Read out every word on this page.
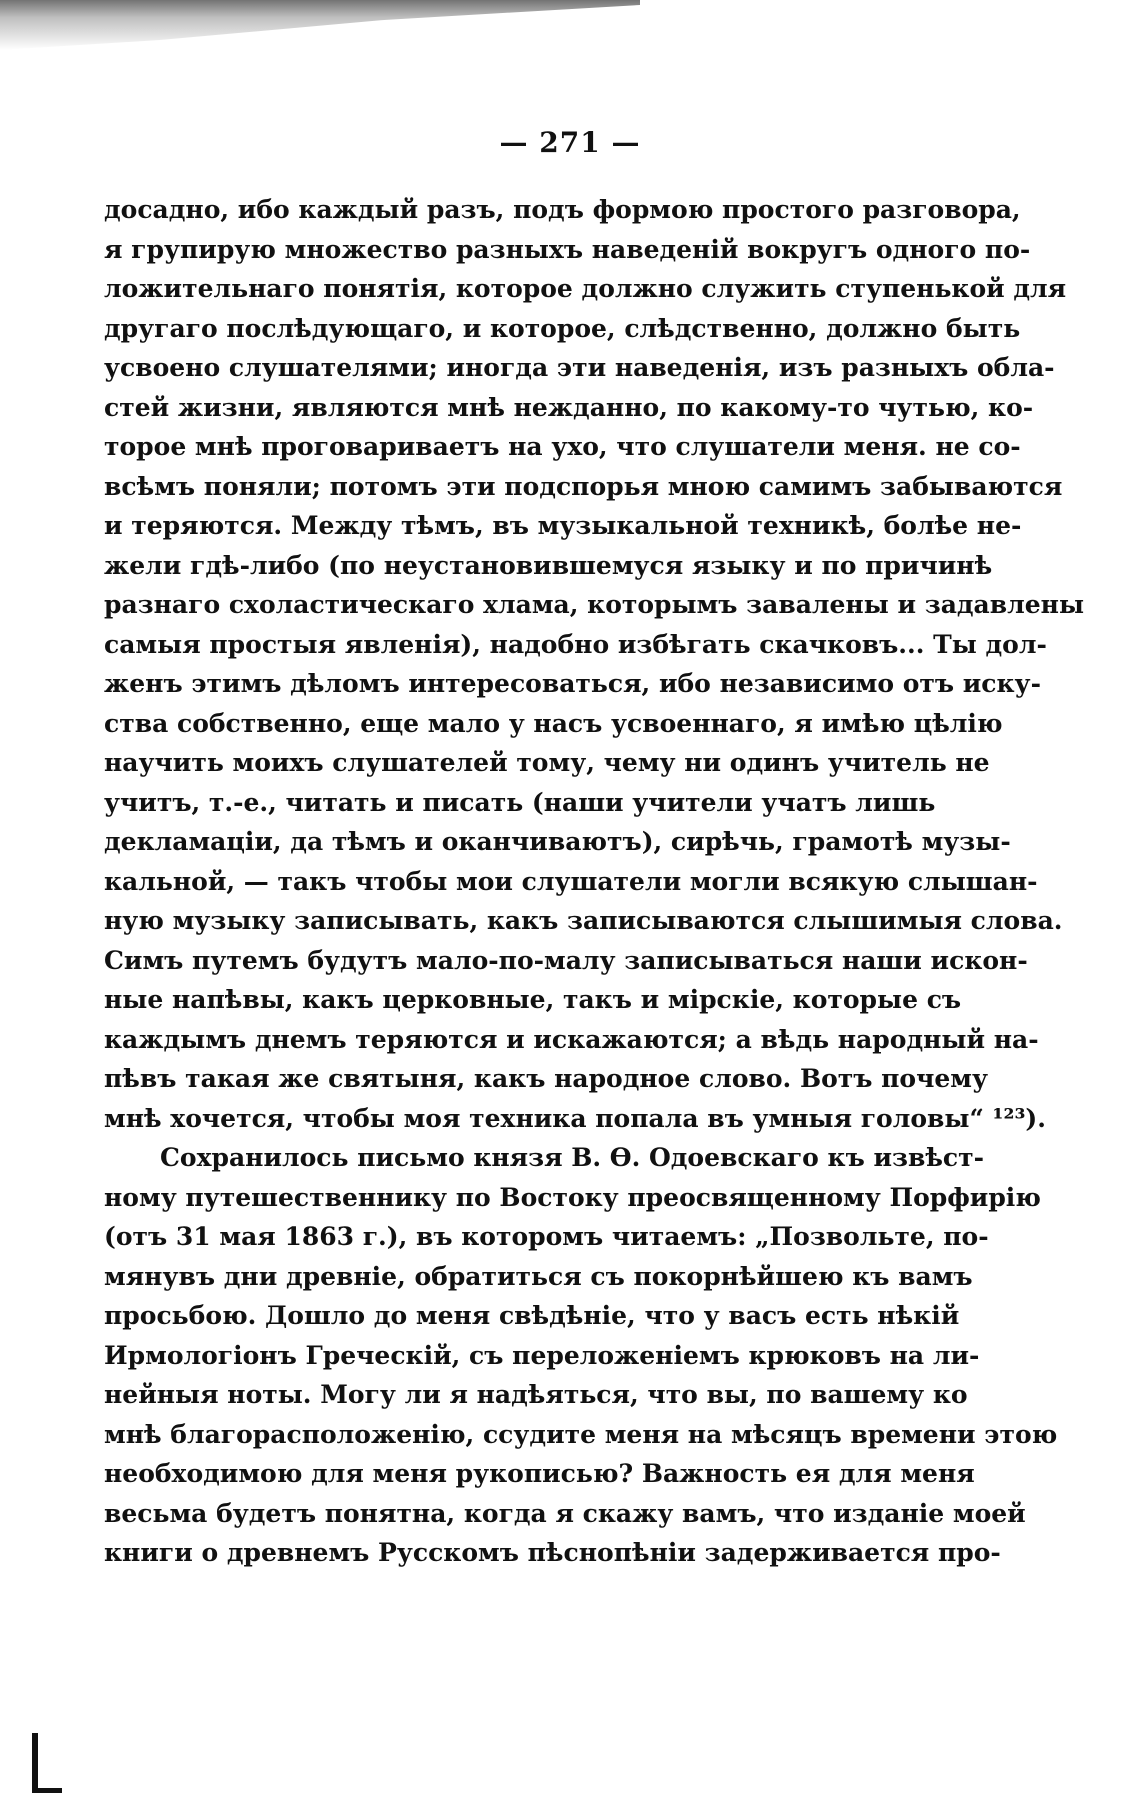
— 271 —
досадно, ибо каждый разъ, подъ формою простого разговора,
я групирую множество разныхъ наведеній вокругъ одного по-
ложительнаго понятія, которое должно служить ступенькой для
другаго послѣдующаго, и которое, слѣдственно, должно быть
усвоено слушателями; иногда эти наведенія, изъ разныхъ обла-
стей жизни, являются мнѣ нежданно, по какому-то чутью, ко-
торое мнѣ проговариваетъ на ухо, что слушатели меня. не со-
всѣмъ поняли; потомъ эти подспорья мною самимъ забываются
и теряются. Между тѣмъ, въ музыкальной техникѣ, болѣе не-
жели гдѣ-либо (по неустановившемуся языку и по причинѣ
разнаго схоластическаго хлама, которымъ завалены и задавлены
самыя простыя явленія), надобно избѣгать скачковъ... Ты дол-
женъ этимъ дѣломъ интересоваться, ибо независимо отъ иску-
ства собственно, еще мало у насъ усвоеннаго, я имѣю цѣлію
научить моихъ слушателей тому, чему ни одинъ учитель не
учитъ, т.-е., читать и писать (наши учители учатъ лишь
декламаціи, да тѣмъ и оканчиваютъ), сирѣчь, грамотѣ музы-
кальной, — такъ чтобы мои слушатели могли всякую слышан-
ную музыку записывать, какъ записываются слышимыя слова.
Симъ путемъ будутъ мало-по-малу записываться наши искон-
ные напѣвы, какъ церковные, такъ и мірскіе, которые съ
каждымъ днемъ теряются и искажаются; а вѣдь народный на-
пѣвъ такая же святыня, какъ народное слово. Вотъ почему
мнѣ хочется, чтобы моя техника попала въ умныя головы“ ¹²³).
Сохранилось письмо князя В. Ѳ. Одоевскаго къ извѣст-
ному путешественнику по Востоку преосвященному Порфирію
(отъ 31 мая 1863 г.), въ которомъ читаемъ: „Позвольте, по-
мянувъ дни древніе, обратиться съ покорнѣйшею къ вамъ
просьбою. Дошло до меня свѣдѣніе, что у васъ есть нѣкій
Ирмологіонъ Греческій, съ переложеніемъ крюковъ на ли-
нейныя ноты. Могу ли я надѣяться, что вы, по вашему ко
мнѣ благорасположенію, ссудите меня на мѣсяцъ времени этою
необходимою для меня рукописью? Важность ея для меня
весьма будетъ понятна, когда я скажу вамъ, что изданіе моей
книги о древнемъ Русскомъ пѣснопѣніи задерживается про-
